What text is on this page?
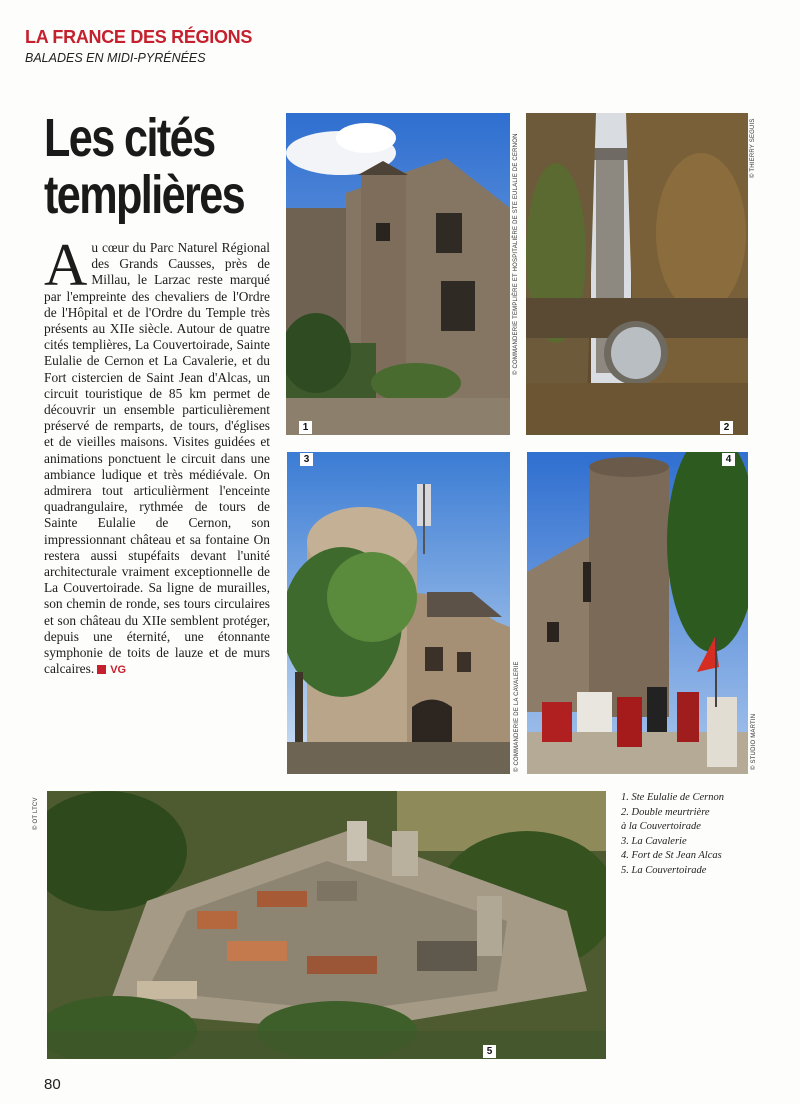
LA FRANCE DES RÉGIONS
BALADES EN MIDI-PYRÉNÉES
Les cités
templières
Au cœur du Parc Naturel Régional des Grands Causses, près de Millau, le Larzac reste marqué par l'empreinte des chevaliers de l'Ordre de l'Hôpital et de l'Ordre du Temple très présents au XIIe siècle. Autour de quatre cités templières, La Couvertoirade, Sainte Eulalie de Cernon et La Cavalerie, et du Fort cistercien de Saint Jean d'Alcas, un circuit touristique de 85 km permet de découvrir un ensemble particulièrement préservé de remparts, de tours, d'églises et de vieilles maisons. Visites guidées et animations ponctuent le circuit dans une ambiance ludique et très médiévale. On admirera tout articulièrment l'enceinte quadrangulaire, rythmée de tours de Sainte Eulalie de Cernon, son impressionnant château et sa fontaine On restera aussi stupéfaits devant l'unité architecturale vraiment exceptionnelle de La Couvertoirade. Sa ligne de murailles, son chemin de ronde, ses tours circulaires et son château du XIIe semblent protéger, depuis une éternité, une étonnante symphonie de toits de lauze et de murs calcaires. VG
1
© COMMANDERIE TEMPLIÈRE ET HOSPITALIÈRE DE STE EULALIE DE CERNON
2
© THIERRY SEGUIS
3
© COMMANDERIE DE LA CAVALERIE
4
© STUDIO MARTIN
5
© OT LTCV	1. Ste Eulalie de Cernon
2. Double meurtrière
à la Couvertoirade
3. La Cavalerie
4. Fort de St Jean Alcas
5. La Couvertoirade
80
